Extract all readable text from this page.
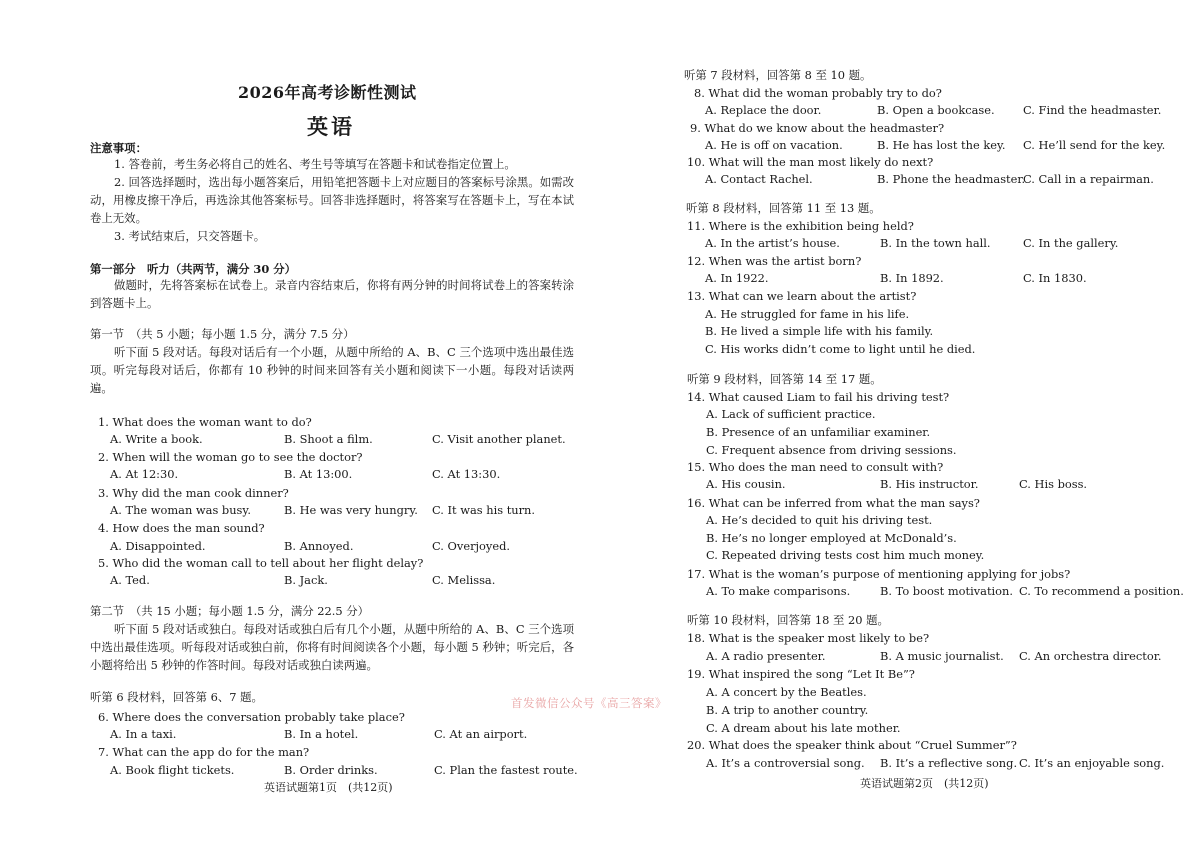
2026年高考诊断性测试
英语
注意事项：
1. 答卷前，考生务必将自己的姓名、考生号等填写在答题卡和试卷指定位置上。
2. 回答选择题时，选出每小题答案后，用铅笔把答题卡上对应题目的答案标号涂黑。如需改动，用橡皮擦干净后，再选涂其他答案标号。回答非选择题时，将答案写在答题卡上，写在本试卷上无效。
3. 考试结束后，只交答题卡。
第一部分　听力（共两节，满分 30 分）
做题时，先将答案标在试卷上。录音内容结束后，你将有两分钟的时间将试卷上的答案转涂到答题卡上。
第一节　（共 5 小题；每小题 1.5 分，满分 7.5 分）
听下面 5 段对话。每段对话后有一个小题，从题中所给的 A、B、C 三个选项中选出最佳选项。听完每段对话后，你都有 10 秒钟的时间来回答有关小题和阅读下一小题。每段对话读两遍。
1. What does the woman want to do?
A. Write a book.	B. Shoot a film.	C. Visit another planet.
2. When will the woman go to see the doctor?
A. At 12:30.	B. At 13:00.	C. At 13:30.
3. Why did the man cook dinner?
A. The woman was busy.	B. He was very hungry. C. It was his turn.
4. How does the man sound?
A. Disappointed.	B. Annoyed.	C. Overjoyed.
5. Who did the woman call to tell about her flight delay?
A. Ted.	B. Jack.	C. Melissa.
第二节　（共 15 小题；每小题 1.5 分，满分 22.5 分）
听下面 5 段对话或独白。每段对话或独白后有几个小题，从题中所给的 A、B、C 三个选项中选出最佳选项。听每段对话或独白前，你将有时间阅读各个小题，每小题 5 秒钟；听完后，各小题将给出 5 秒钟的作答时间。每段对话或独白读两遍。
听第 6 段材料，回答第 6、7 题。
6. Where does the conversation probably take place?
A. In a taxi.	B. In a hotel.	C. At an airport.
7. What can the app do for the man?
A. Book flight tickets.	B. Order drinks.	C. Plan the fastest route.
英语试题第1页　(共12页)
听第 7 段材料，回答第 8 至 10 题。
8. What did the woman probably try to do?
A. Replace the door.	B. Open a bookcase. C. Find the headmaster.
9. What do we know about the headmaster?
A. He is off on vacation.	B. He has lost the key. C. He’ll send for the key.
10. What will the man most likely do next?
A. Contact Rachel.	B. Phone the headmaster.
C. Call in a repairman.
听第 8 段材料，回答第 11 至 13 题。
11. Where is the exhibition being held?
A. In the artist’s house.	B. In the town hall.	C. In the gallery.
12. When was the artist born?
A. In 1922.	B. In 1892.	C. In 1830.
13. What can we learn about the artist?
A. He struggled for fame in his life.
B. He lived a simple life with his family.
C. His works didn’t come to light until he died.
听第 9 段材料，回答第 14 至 17 题。
14. What caused Liam to fail his driving test?
A. Lack of sufficient practice.
B. Presence of an unfamiliar examiner.
C. Frequent absence from driving sessions.
15. Who does the man need to consult with?
A. His cousin.	B. His instructor.	C. His boss.
16. What can be inferred from what the man says?
A. He’s decided to quit his driving test.
B. He’s no longer employed at McDonald’s.
C. Repeated driving tests cost him much money.
17. What is the woman’s purpose of mentioning applying for jobs?
A. To make comparisons.	B. To boost motivation. C. To recommend a position.
听第 10 段材料，回答第 18 至 20 题。
18. What is the speaker most likely to be?
A. A radio presenter.	B. A music journalist. C. An orchestra director.
19. What inspired the song “Let It Be”?
A. A concert by the Beatles.
B. A trip to another country.
C. A dream about his late mother.
20. What does the speaker think about “Cruel Summer”?
A. It’s a controversial song. B. It’s a reflective song. C. It’s an enjoyable song.
英语试题第2页　(共12页)
首发微信公众号《高三答案》
